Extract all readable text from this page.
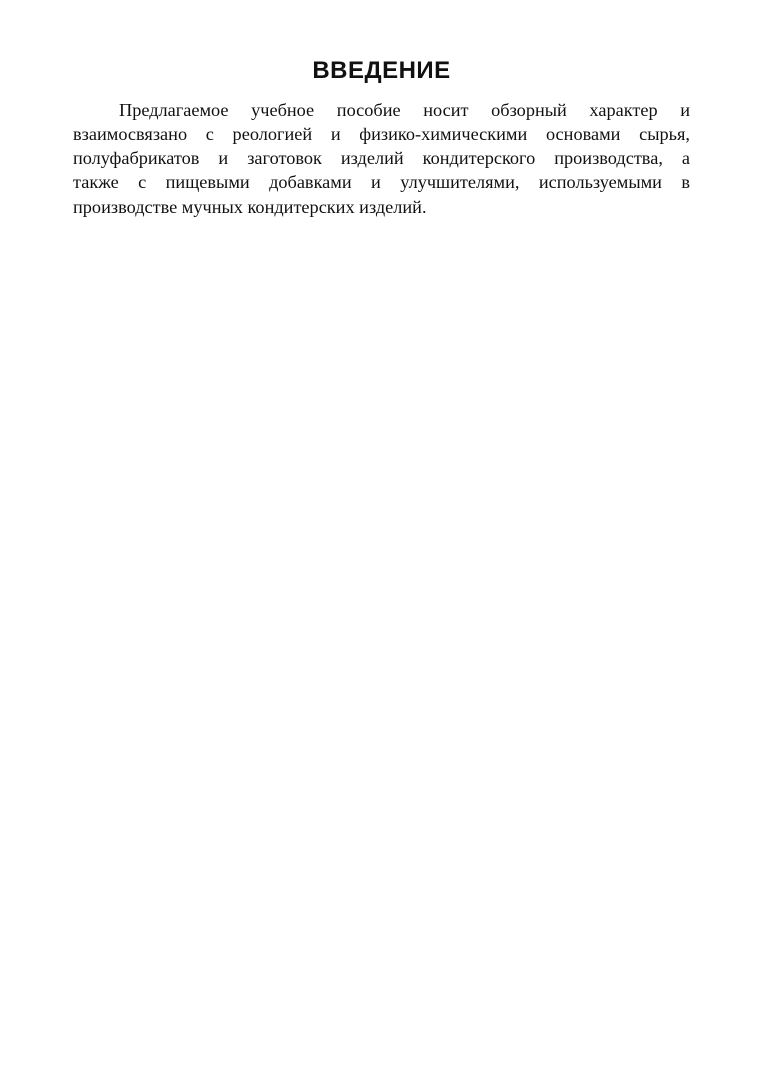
ВВЕДЕНИЕ
Предлагаемое учебное пособие носит обзорный характер и
взаимосвязано с реологией и физико-химическими основами сырья,
полуфабрикатов и заготовок изделий кондитерского производства, а
также с пищевыми добавками и улучшителями, используемыми в
производстве мучных кондитерских изделий.
